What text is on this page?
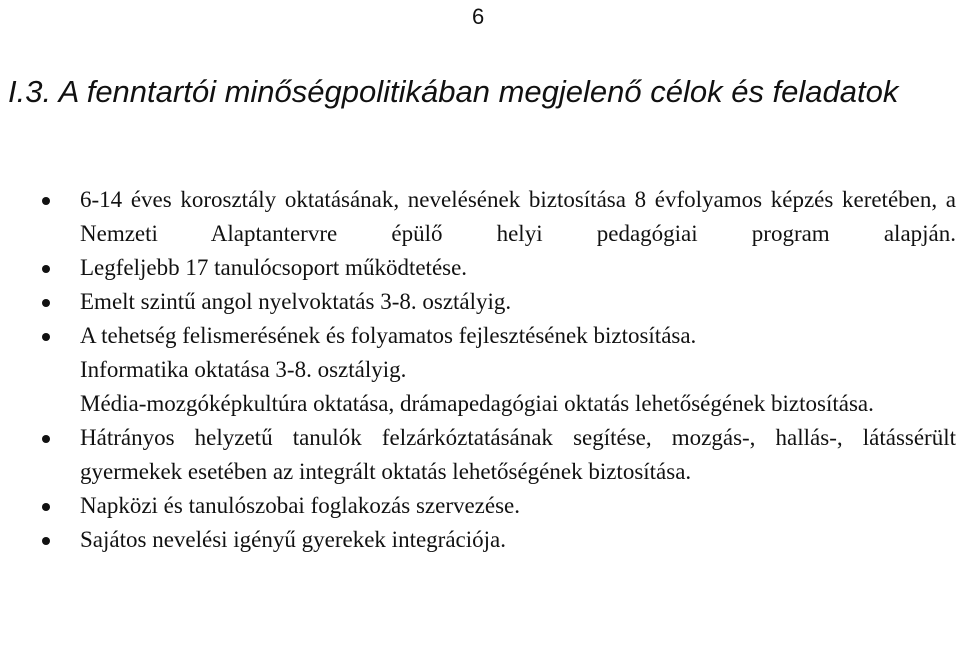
6
I.3. A fenntartói minőségpolitikában megjelenő célok és feladatok
6-14 éves korosztály oktatásának, nevelésének biztosítása 8 évfolyamos képzés keretében, a Nemzeti Alaptantervre épülő helyi pedagógiai program alapján.
Legfeljebb 17 tanulócsoport működtetése.
Emelt szintű angol nyelvoktatás 3-8. osztályig.
A tehetség felismerésének és folyamatos fejlesztésének biztosítása.
Informatika oktatása 3-8. osztályig.
Média-mozgóképkultúra oktatása, drámapedagógiai oktatás lehetőségének biztosítása.
Hátrányos helyzetű tanulók felzárkóztatásának segítése, mozgás-, hallás-, látássérült gyermekek esetében az integrált oktatás lehetőségének biztosítása.
Napközi és tanulószobai foglakozás szervezése.
Sajátos nevelési igényű gyerekek integrációja.
